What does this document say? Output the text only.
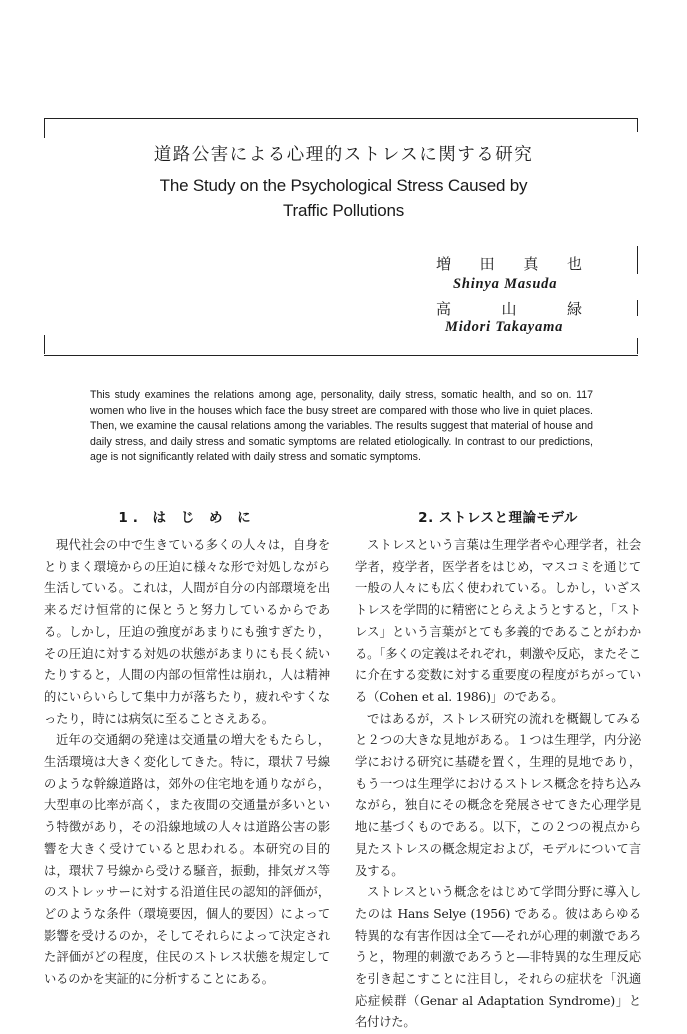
道路公害による心理的ストレスに関する研究
The Study on the Psychological Stress Caused by
Traffic Pollutions
増 田 真 也
Shinya Masuda
高	山	緑
Midori Takayama

This study examines the relations among age, personality, daily stress, somatic health, and so on. 117 women who live in the houses which face the busy street are compared with those who live in quiet places. Then, we examine the causal relations among the variables. The results suggest that material of house and daily stress, and daily stress and somatic symptoms are related etiologically. In contrast to our predictions, age is not significantly related with daily stress and somatic symptoms.

1. は じ め に

現代社会の中で生きている多くの人々は，自身をとりまく環境からの圧迫に様々な形で対処しながら生活している。これは，人間が自分の内部環境を出来るだけ恒常的に保とうと努力しているからである。しかし，圧迫の強度があまりにも強すぎたり，その圧迫に対する対処の状態があまりにも長く続いたりすると，人間の内部の恒常性は崩れ，人は精神的にいらいらして集中力が落ちたり，疲れやすくなったり，時には病気に至ることさえある。

近年の交通網の発達は交通量の増大をもたらし，生活環境は大きく変化してきた。特に，環状７号線のような幹線道路は，郊外の住宅地を通りながら，大型車の比率が高く，また夜間の交通量が多いという特徴があり，その沿線地域の人々は道路公害の影響を大きく受けていると思われる。本研究の目的は，環状７号線から受ける騒音，振動，排気ガス等のストレッサーに対する沿道住民の認知的評価が，どのような条件（環境要因，個人的要因）によって影響を受けるのか，そしてそれらによって決定された評価がどの程度，住民のストレス状態を規定しているのかを実証的に分析することにある。

2. ストレスと理論モデル

ストレスという言葉は生理学者や心理学者，社会学者，疫学者，医学者をはじめ，マスコミを通じて一般の人々にも広く使われている。しかし，いざストレスを学問的に精密にとらえようとすると，「ストレス」という言葉がとても多義的であることがわかる。「多くの定義はそれぞれ，刺激や反応，またそこに介在する変数に対する重要度の程度がちがっている（Cohen et al. 1986)」のである。

ではあるが，ストレス研究の流れを概観してみると２つの大きな見地がある。１つは生理学，内分泌学における研究に基礎を置く，生理的見地であり，もう一つは生理学におけるストレス概念を持ち込みながら，独自にその概念を発展させてきた心理学見地に基づくものである。以下，この２つの視点から見たストレスの概念規定および，モデルについて言及する。

ストレスという概念をはじめて学問分野に導入したのは Hans Selye (1956) である。彼はあらゆる特異的な有害作因は全て―それが心理的刺激であろうと，物理的刺激であろうと―非特異的な生理反応を引き起こすことに注目し，それらの症状を「汎適応症候群（Genar al Adaptation Syndrome)」と名付けた。
